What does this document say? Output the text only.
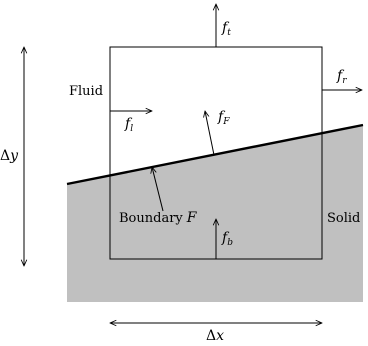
Fluid
Solid
Boundary F
ft
fr
fl
fF
fb
Δy
Δx
